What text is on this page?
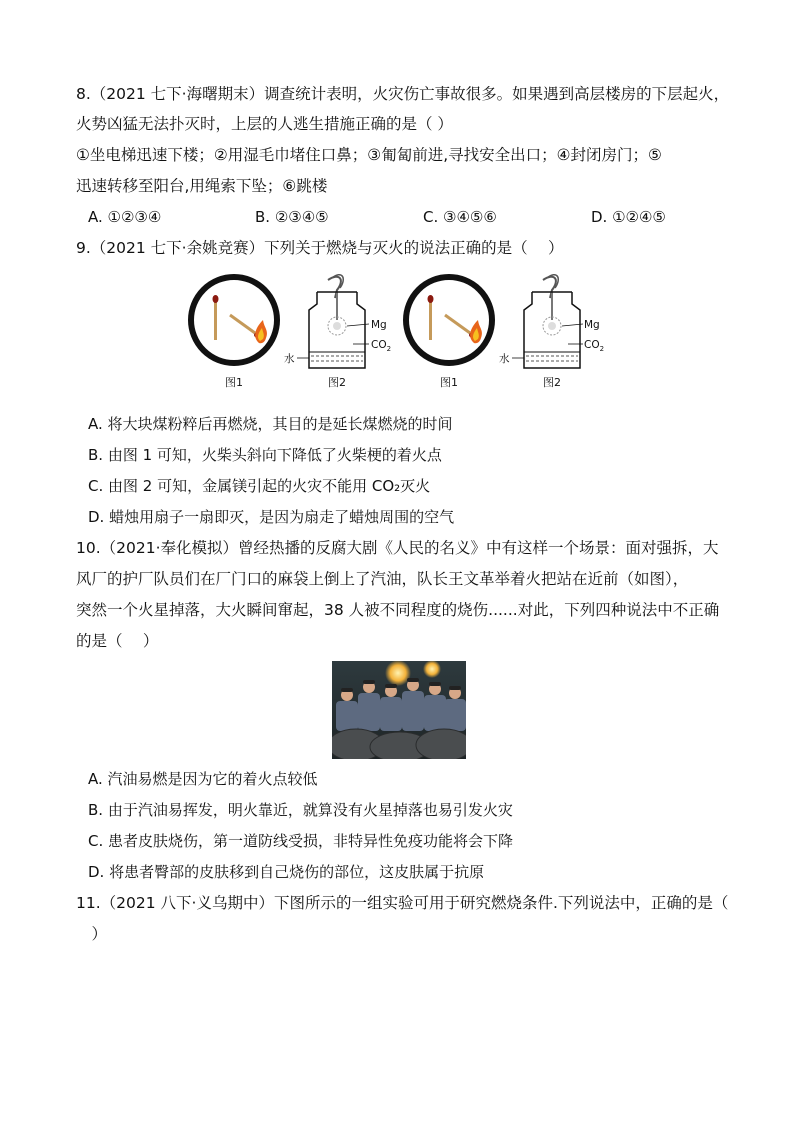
8.（2021 七下·海曙期末）调查统计表明，火灾伤亡事故很多。如果遇到高层楼房的下层起火，
火势凶猛无法扑灭时，上层的人逃生措施正确的是（ ）
①坐电梯迅速下楼；②用湿毛巾堵住口鼻；③匍匐前进,寻找安全出口；④封闭房门；⑤
迅速转移至阳台,用绳索下坠；⑥跳楼
A. ①②③④	B. ②③④⑤	C. ③④⑤⑥	D. ①②④⑤
9.（2021 七下·余姚竞赛）下列关于燃烧与灭火的说法正确的是（　 ）
图1
Mg
$CO_2$
水
图2	图1
Mg
$CO_2$
水
图2
A. 将大块煤粉粹后再燃烧，其目的是延长煤燃烧的时间
B. 由图 1 可知，火柴头斜向下降低了火柴梗的着火点
C. 由图 2 可知，金属镁引起的火灾不能用 CO₂灭火
D. 蜡烛用扇子一扇即灭，是因为扇走了蜡烛周围的空气
10.（2021·奉化模拟）曾经热播的反腐大剧《人民的名义》中有这样一个场景：面对强拆，大
风厂的护厂队员们在厂门口的麻袋上倒上了汽油，队长王文革举着火把站在近前（如图），
突然一个火星掉落，大火瞬间窜起，38 人被不同程度的烧伤......对此，下列四种说法中不正确
的是（　 ）
A. 汽油易燃是因为它的着火点较低
B. 由于汽油易挥发，明火靠近，就算没有火星掉落也易引发火灾
C. 患者皮肤烧伤，第一道防线受损，非特异性免疫功能将会下降
D. 将患者臀部的皮肤移到自己烧伤的部位，这皮肤属于抗原
11.（2021 八下·义乌期中）下图所示的一组实验可用于研究燃烧条件.下列说法中，正确的是（
　）
